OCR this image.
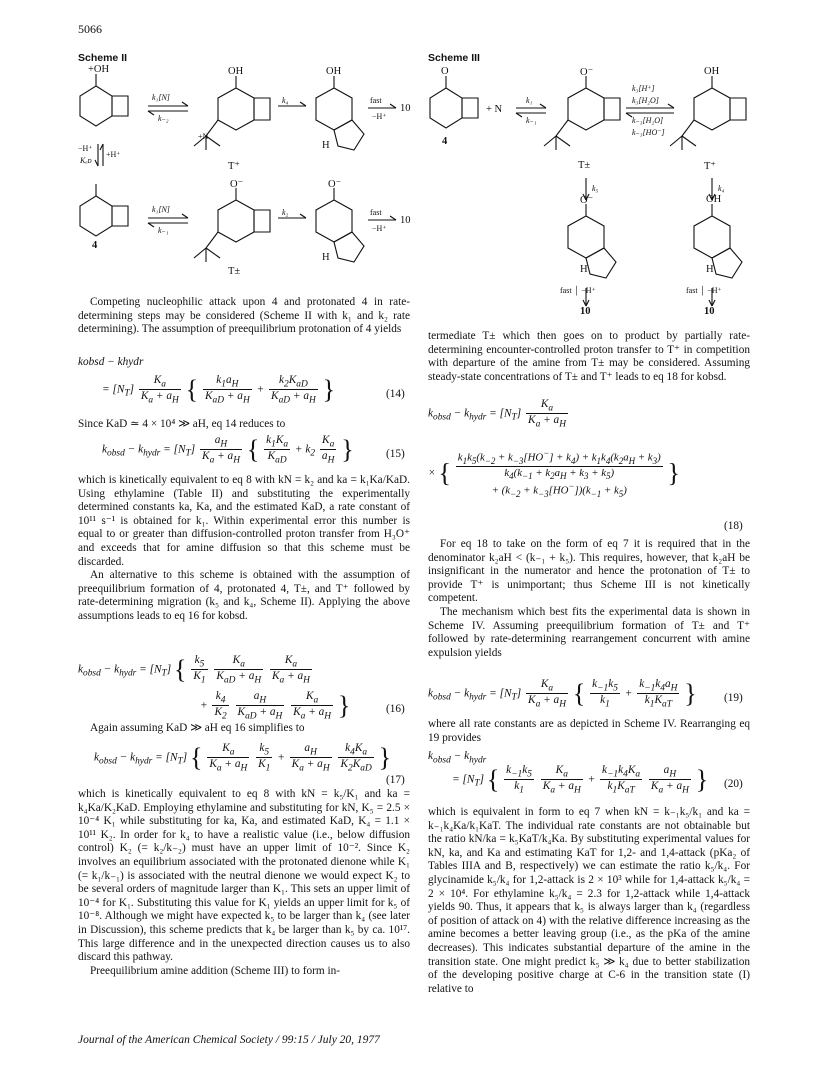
5066
Scheme II
+OH	OH	OH
k₁[N]
k₋₂
k₄	fast
−H⁺
10
+N
H
−H⁺
Kₐᴅ
+H⁺
T⁺
O⁻	O⁻
k₁[N]
k₋₁
k₂	fast
−H⁺
10
4
H
T±

Competing nucleophilic attack upon 4 and protonated 4 in rate-determining steps may be considered (Scheme II with k₁ and k₂ rate determining). The assumption of preequilibrium protonation of 4 yields

kobsd − khydr
= $[N_T] \frac{K_a}{K_a + a_H}$ { $\frac{k_1a_H}{K_{aD} + a_H} + \frac{k_2K_{aD}}{K_{aD} + a_H}$ }	(14)

Since KaD ≃ 4 × 10⁴ ≫ aH, eq 14 reduces to

$k_{obsd} - k_{hydr} = [N_T] \frac{a_H}{K_a + a_H}$ { $\frac{k_1K_a}{K_{aD}} + k_2 \frac{K_a}{a_H}$ }	(15)

which is kinetically equivalent to eq 8 with kN = k₂ and ka = k₁Ka/KaD. Using ethylamine (Table II) and substituting the experimentally determined constants ka, Ka, and the estimated KaD, a rate constant of 10¹¹ s⁻¹ is obtained for k₁. Within experimental error this number is equal to or greater than diffusion-controlled proton transfer from H₃O⁺ and exceeds that for amine diffusion so that this scheme must be discarded.

An alternative to this scheme is obtained with the assumption of preequilibrium formation of 4, protonated 4, T±, and T⁺ followed by rate-determining migration (k₅ and k₄, Scheme II). Applying the above assumptions leads to eq 16 for kobsd.

$k_{obsd} - k_{hydr} = [N_T]$ { $\frac{k_5}{K_1}$
$\frac{K_a}{K_{aD} + a_H}$
$\frac{K_a}{K_a + a_H}$
+ $\frac{k_4}{K_2}$
$\frac{a_H}{K_{aD} + a_H}$
$\frac{K_a}{K_a + a_H}$ }	(16)

Again assuming KaD ≫ aH eq 16 simplifies to

$k_{obsd} - k_{hydr} = [N_T]$ { $\frac{K_a}{K_a + a_H}$
$\frac{k_5}{K_1} + \frac{a_H}{K_a + a_H}$
$\frac{k_4K_a}{K_2K_{aD}}$ }
(17)

which is kinetically equivalent to eq 8 with kN = k₅/K₁ and ka = k₄Ka/K₂KaD. Employing ethylamine and substituting for kN, K₅ = 2.5 × 10⁻⁴ K₁ while substituting for ka, Ka, and estimated KaD, K₄ = 1.1 × 10¹¹ K₂. In order for k₄ to have a realistic value (i.e., below diffusion control) K₂ (= k₂/k₋₂) must have an upper limit of 10⁻². Since K₂ involves an equilibrium associated with the protonated dienone while K₁ (= k₁/k₋₁) is associated with the neutral dienone we would expect K₂ to be several orders of magnitude larger than K₁. This sets an upper limit of 10⁻⁴ for K₁. Substituting this value for K₁ yields an upper limit for k₅ of 10⁻⁸. Although we might have expected k₅ to be larger than k₄ (see later in Discussion), this scheme predicts that k₄ be larger than k₅ by ca. 10¹⁷. This large difference and in the unexpected direction causes us to also discard this pathway.

Preequilibrium amine addition (Scheme III) to form in-

Scheme III
O	O⁻	OH
+ N
k₁
k₋₁
k₃[H⁺]
k₃[H₂O]
k₋₃[H₂O]
k₋₃[HO⁻]
4
T±	T⁺
k₅	k₄
O⁻	OH
H	H
fast │ −H⁺	fast │ −H⁺
10	10

termediate T± which then goes on to product by partially rate-determining encounter-controlled proton transfer to T⁺ in competition with departure of the amine from T± may be considered. Assuming steady-state concentrations of T± and T⁺ leads to eq 18 for kobsd.

$k_{obsd} - k_{hydr} = [N_T] \frac{K_a}{K_a + a_H}$
× {
$k_1k_5(k_{-2} + k_{-3}[HO^-] + k_4) + k_1k_4(k_2a_H + k_3)$
$k_4(k_{-1} + k_2a_H + k_3 + k_5)$
+ $(k_{-2} + k_{-3}[HO^-])(k_{-1} + k_5)$
}
(18)

For eq 18 to take on the form of eq 7 it is required that in the denominator k₂aH < (k₋₁ + k₅). This requires, however, that k₂aH be insignificant in the numerator and hence the protonation of T± to provide T⁺ is unimportant; thus Scheme III is not kinetically competent.

The mechanism which best fits the experimental data is shown in Scheme IV. Assuming preequilibrium formation of T± and T⁺ followed by rate-determining rearrangement concurrent with amine expulsion yields

$k_{obsd} - k_{hydr} = [N_T] \frac{K_a}{K_a + a_H}$ { $\frac{k_{-1}k_5}{k_1} + \frac{k_{-1}k_4a_H}{k_1K_{aT}}$ } (19)

where all rate constants are as depicted in Scheme IV. Rearranging eq 19 provides

$k_{obsd} - k_{hydr}$
= $[N_T]$ { $\frac{k_{-1}k_5}{k_1}$
$\frac{K_a}{K_a + a_H} + \frac{k_{-1}k_4K_a}{k_1K_{aT}}$
$\frac{a_H}{K_a + a_H}$ } (20)

which is equivalent in form to eq 7 when kN = k₋₁k₅/k₁ and ka = k₋₁k₄Ka/k₁KaT. The individual rate constants are not obtainable but the ratio kN/ka = k₅KaT/k₄Ka. By substituting experimental values for kN, ka, and Ka and estimating KaT for 1,2- and 1,4-attack (pKa₂ of Tables IIIA and B, respectively) we can estimate the ratio k₅/k₄. For glycinamide k₅/k₄ for 1,2-attack is 2 × 10³ while for 1,4-attack k₅/k₄ = 2 × 10⁴. For ethylamine k₅/k₄ = 2.3 for 1,2-attack while 1,4-attack yields 90. Thus, it appears that k₅ is always larger than k₄ (regardless of position of attack on 4) with the relative difference increasing as the amine becomes a better leaving group (i.e., as the pKa of the amine decreases). This indicates substantial departure of the amine in the transition state. One might predict k₅ ≫ k₄ due to better stabilization of the developing positive charge at C-6 in the transition state (I) relative to

Journal of the American Chemical Society / 99:15 / July 20, 1977
